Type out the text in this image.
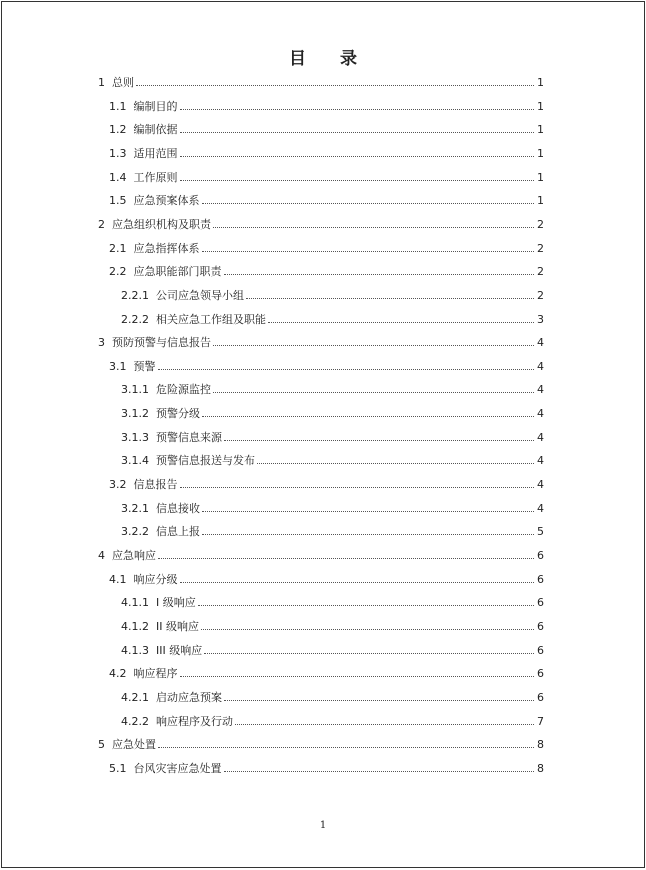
目 录
1 总则	1
1.1 编制目的	1
1.2 编制依据	1
1.3 适用范围	1
1.4 工作原则	1
1.5 应急预案体系	1
2 应急组织机构及职责	2
2.1 应急指挥体系	2
2.2 应急职能部门职责	2
2.2.1 公司应急领导小组	2
2.2.2 相关应急工作组及职能	3
3 预防预警与信息报告	4
3.1 预警	4
3.1.1 危险源监控	4
3.1.2 预警分级	4
3.1.3 预警信息来源	4
3.1.4 预警信息报送与发布	4
3.2 信息报告	4
3.2.1 信息接收	4
3.2.2 信息上报	5
4 应急响应	6
4.1 响应分级	6
4.1.1 I 级响应	6
4.1.2 II 级响应	6
4.1.3 III 级响应	6
4.2 响应程序	6
4.2.1 启动应急预案	6
4.2.2 响应程序及行动	7
5 应急处置	8
5.1 台风灾害应急处置	8
1
